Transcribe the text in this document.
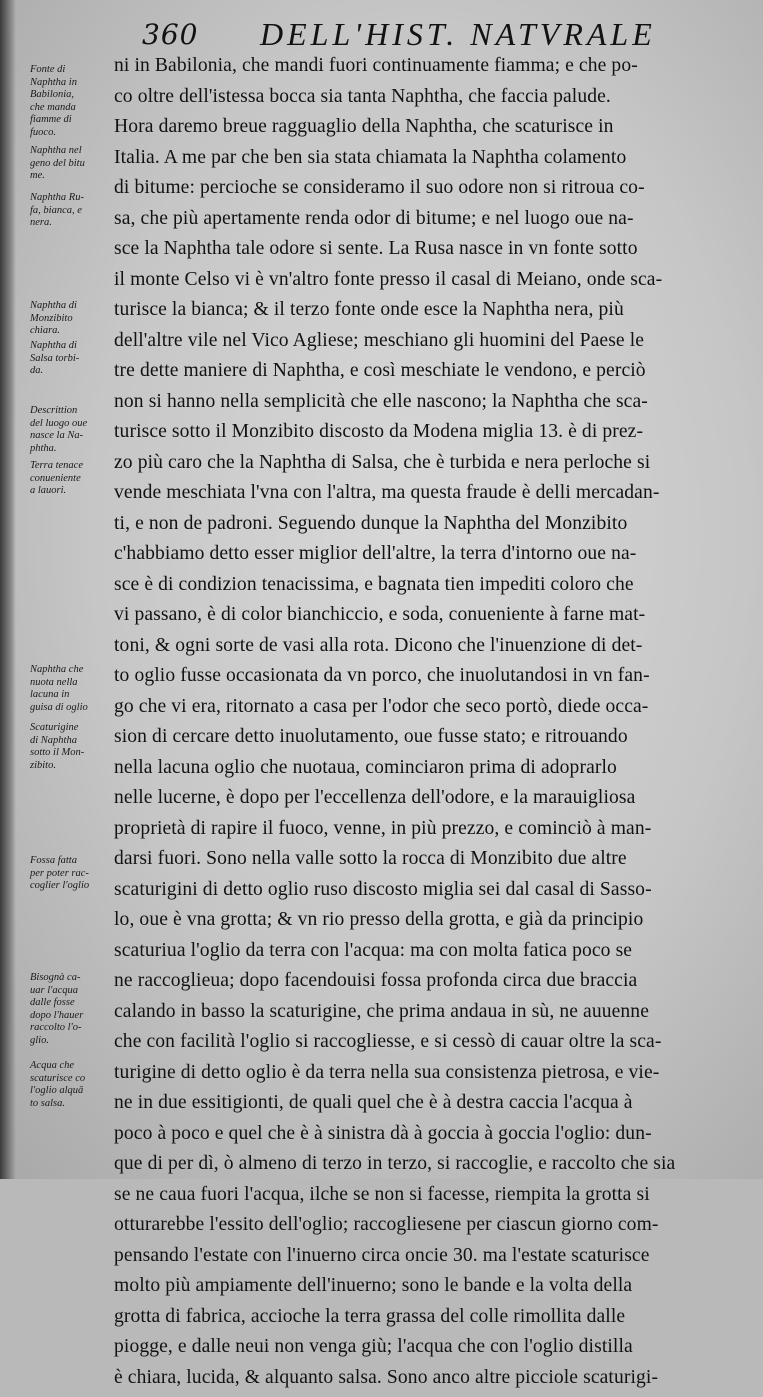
360 DELL'HIST. NATVRALE
Fonte di
Naphtha in
Babilonia,
che manda
fiamme di
fuoco.
Naphtha nel
geno del bitu
me.
Naphtha Ru-
fa, bianca, e
nera.
Naphtha di
Monzibito
chiara.
Naphtha di
Salsa torbi-
da.
Descrittion
del luogo oue
nasce la Na-
phtha.
Terra tenace
conueniente
a lauori.
Naphtha che
nuota nella
lacuna in
guisa di oglio
Scaturigine
di Naphtha
sotto il Mon-
zibito.
Fossa fatta
per poter rac-
coglier l'oglio
Bisognà ca-
uar l'acqua
dalle fosse
dopo l'hauer
raccolto l'o-
glio.
Acqua che
scaturisce co
l'oglio alquā
to salsa.
ni in Babilonia, che mandi fuori continuamente fiamma; e che po-
co oltre dell'istessa bocca sia tanta Naphtha, che faccia palude.
Hora daremo breue ragguaglio della Naphtha, che scaturisce in
Italia. A me par che ben sia stata chiamata la Naphtha colamento
di bitume: percioche se consideramo il suo odore non si ritroua co-
sa, che più apertamente renda odor di bitume; e nel luogo oue na-
sce la Naphtha tale odore si sente. La Rusa nasce in vn fonte sotto
il monte Celso vi è vn'altro fonte presso il casal di Meiano, onde sca-
turisce la bianca; & il terzo fonte onde esce la Naphtha nera, più
dell'altre vile nel Vico Agliese; meschiano gli huomini del Paese le
tre dette maniere di Naphtha, e così meschiate le vendono, e perciò
non si hanno nella semplicità che elle nascono; la Naphtha che sca-
turisce sotto il Monzibito discosto da Modena miglia 13. è di prez-
zo più caro che la Naphtha di Salsa, che è turbida e nera perloche si
vende meschiata l'vna con l'altra, ma questa fraude è delli mercadan-
ti, e non de padroni. Seguendo dunque la Naphtha del Monzibito
c'habbiamo detto esser miglior dell'altre, la terra d'intorno oue na-
sce è di condizion tenacissima, e bagnata tien impediti coloro che
vi passano, è di color bianchiccio, e soda, conueniente à farne mat-
toni, & ogni sorte de vasi alla rota. Dicono che l'inuenzione di det-
to oglio fusse occasionata da vn porco, che inuolutandosi in vn fan-
go che vi era, ritornato a casa per l'odor che seco portò, diede occa-
sion di cercare detto inuolutamento, oue fusse stato; e ritrouando
nella lacuna oglio che nuotaua, cominciaron prima di adoprarlo
nelle lucerne, è dopo per l'eccellenza dell'odore, e la marauigliosa
proprietà di rapire il fuoco, venne, in più prezzo, e cominciò à man-
darsi fuori. Sono nella valle sotto la rocca di Monzibito due altre
scaturigini di detto oglio ruso discosto miglia sei dal casal di Sasso-
lo, oue è vna grotta; & vn rio presso della grotta, e già da principio
scaturiua l'oglio da terra con l'acqua: ma con molta fatica poco se
ne raccoglieua; dopo facendouisi fossa profonda circa due braccia
calando in basso la scaturigine, che prima andaua in sù, ne auuenne
che con facilità l'oglio si raccogliesse, e si cessò di cauar oltre la sca-
turigine di detto oglio è da terra nella sua consistenza pietrosa, e vie-
ne in due essitigionti, de quali quel che è à destra caccia l'acqua à
poco à poco e quel che è à sinistra dà à goccia à goccia l'oglio: dun-
que di per dì, ò almeno di terzo in terzo, si raccoglie, e raccolto che sia
se ne caua fuori l'acqua, ilche se non si facesse, riempita la grotta si
otturarebbe l'essito dell'oglio; raccogliesene per ciascun giorno com-
pensando l'estate con l'inuerno circa oncie 30. ma l'estate scaturisce
molto più ampiamente dell'inuerno; sono le bande e la volta della
grotta di fabrica, accioche la terra grassa del colle rimollita dalle
piogge, e dalle neui non venga giù; l'acqua che con l'oglio distilla
è chiara, lucida, & alquanto salsa. Sono anco altre picciole scaturigi-
